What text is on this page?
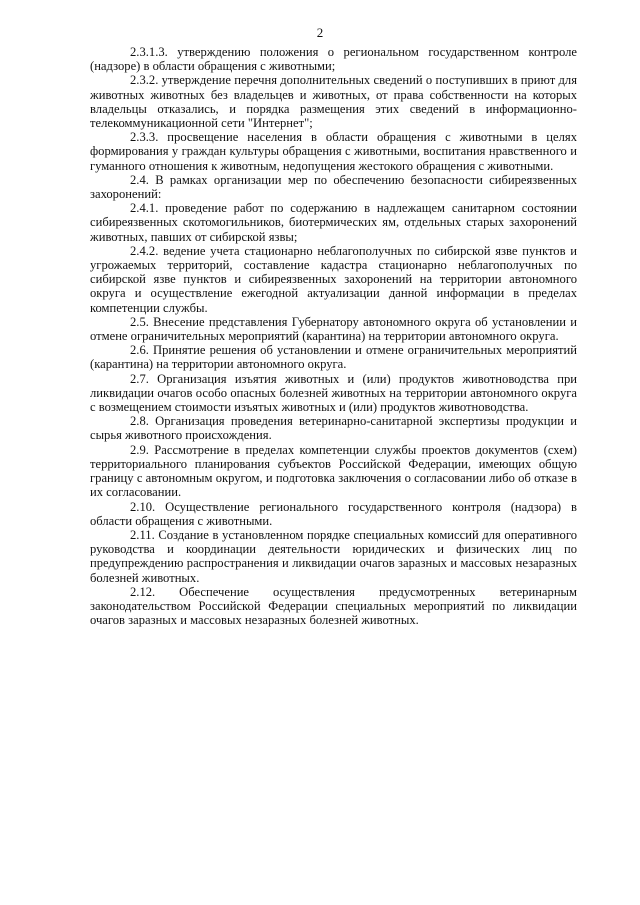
2

2.3.1.3. утверждению положения о региональном государственном контроле (надзоре) в области обращения с животными;

2.3.2. утверждение перечня дополнительных сведений о поступивших в приют для животных животных без владельцев и животных, от права собственности на которых владельцы отказались, и порядка размещения этих сведений в информационно-телекоммуникационной сети "Интернет";

2.3.3. просвещение населения в области обращения с животными в целях формирования у граждан культуры обращения с животными, воспитания нравственного и гуманного отношения к животным, недопущения жестокого обращения с животными.

2.4. В рамках организации мер по обеспечению безопасности сибиреязвенных захоронений:

2.4.1. проведение работ по содержанию в надлежащем санитарном состоянии сибиреязвенных скотомогильников, биотермических ям, отдельных старых захоронений животных, павших от сибирской язвы;

2.4.2. ведение учета стационарно неблагополучных по сибирской язве пунктов и угрожаемых территорий, составление кадастра стационарно неблагополучных по сибирской язве пунктов и сибиреязвенных захоронений на территории автономного округа и осуществление ежегодной актуализации данной информации в пределах компетенции службы.

2.5. Внесение представления Губернатору автономного округа об установлении и отмене ограничительных мероприятий (карантина) на территории автономного округа.

2.6. Принятие решения об установлении и отмене ограничительных мероприятий (карантина) на территории автономного округа.

2.7. Организация изъятия животных и (или) продуктов животноводства при ликвидации очагов особо опасных болезней животных на территории автономного округа с возмещением стоимости изъятых животных и (или) продуктов животноводства.

2.8. Организация проведения ветеринарно-санитарной экспертизы продукции и сырья животного происхождения.

2.9. Рассмотрение в пределах компетенции службы проектов документов (схем) территориального планирования субъектов Российской Федерации, имеющих общую границу с автономным округом, и подготовка заключения о согласовании либо об отказе в их согласовании.

2.10. Осуществление регионального государственного контроля (надзора) в области обращения с животными.

2.11. Создание в установленном порядке специальных комиссий для оперативного руководства и координации деятельности юридических и физических лиц по предупреждению распространения и ликвидации очагов заразных и массовых незаразных болезней животных.

2.12. Обеспечение осуществления предусмотренных ветеринарным законодательством Российской Федерации специальных мероприятий по ликвидации очагов заразных и массовых незаразных болезней животных.
